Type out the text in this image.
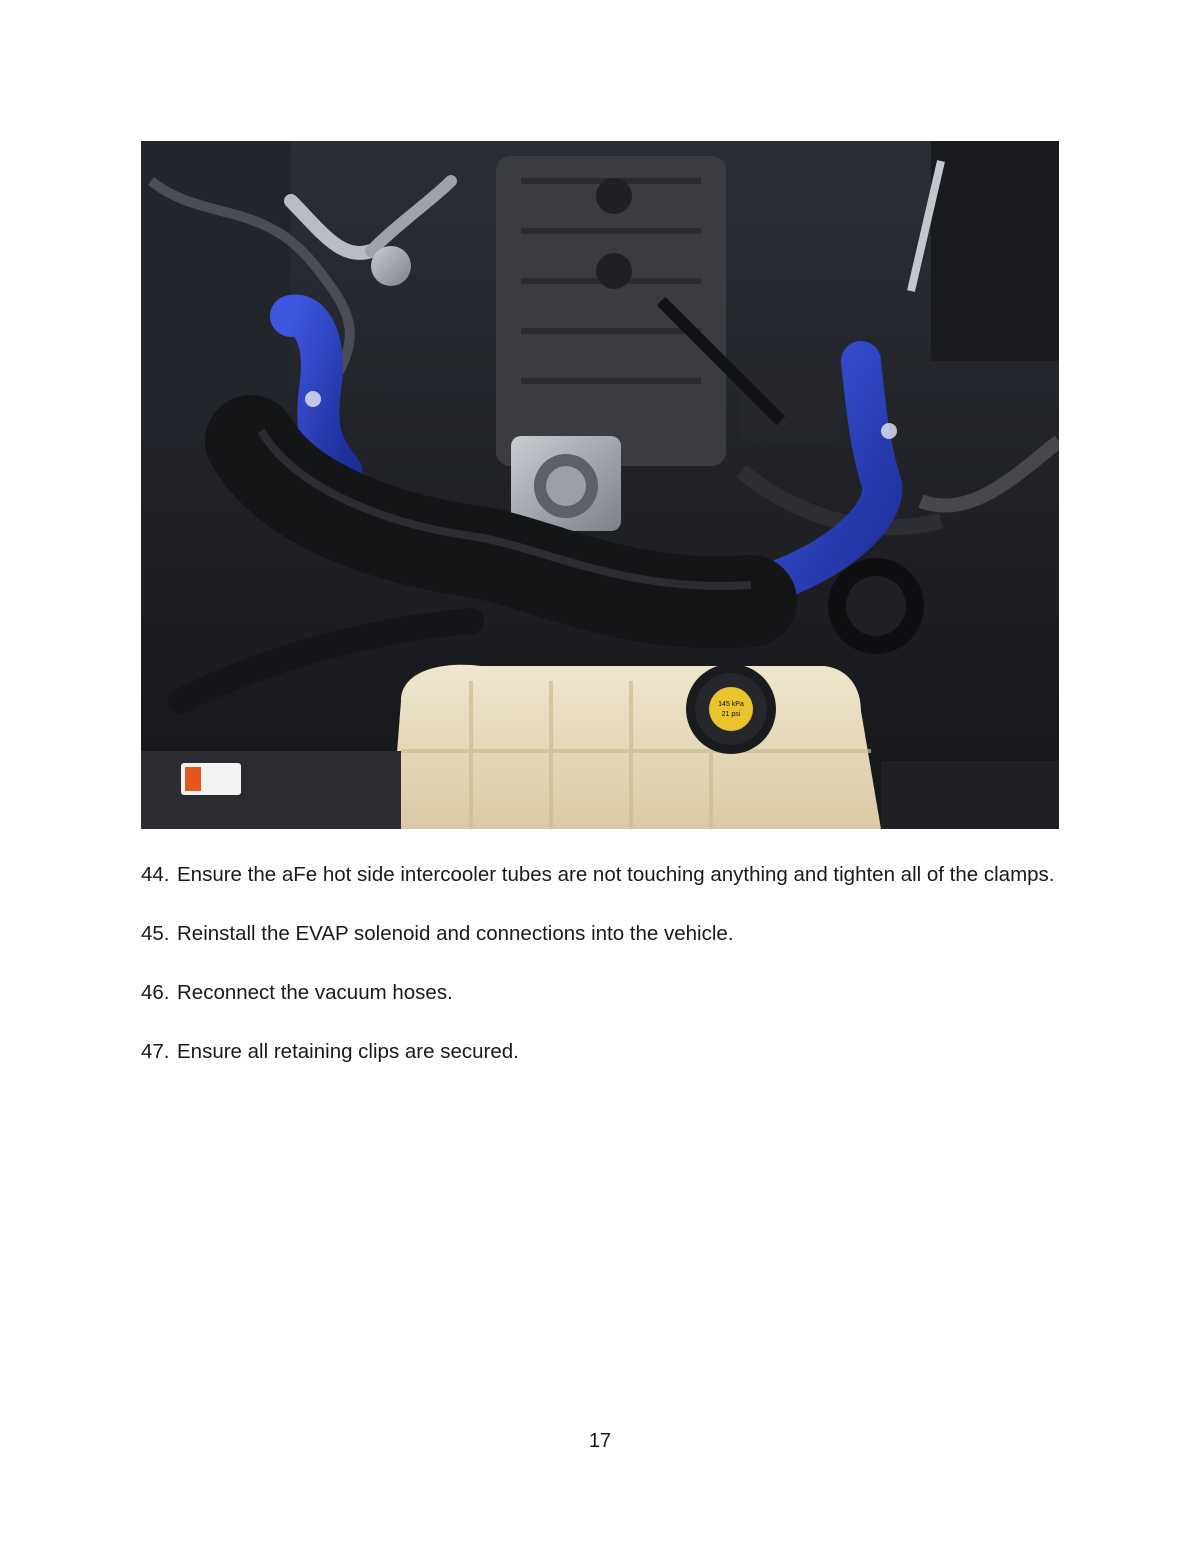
145 kPa
21 psi
44. Ensure the aFe hot side intercooler tubes are not touching anything and tighten all of the clamps.
45. Reinstall the EVAP solenoid and connections into the vehicle.
46. Reconnect the vacuum hoses.
47. Ensure all retaining clips are secured.
17
